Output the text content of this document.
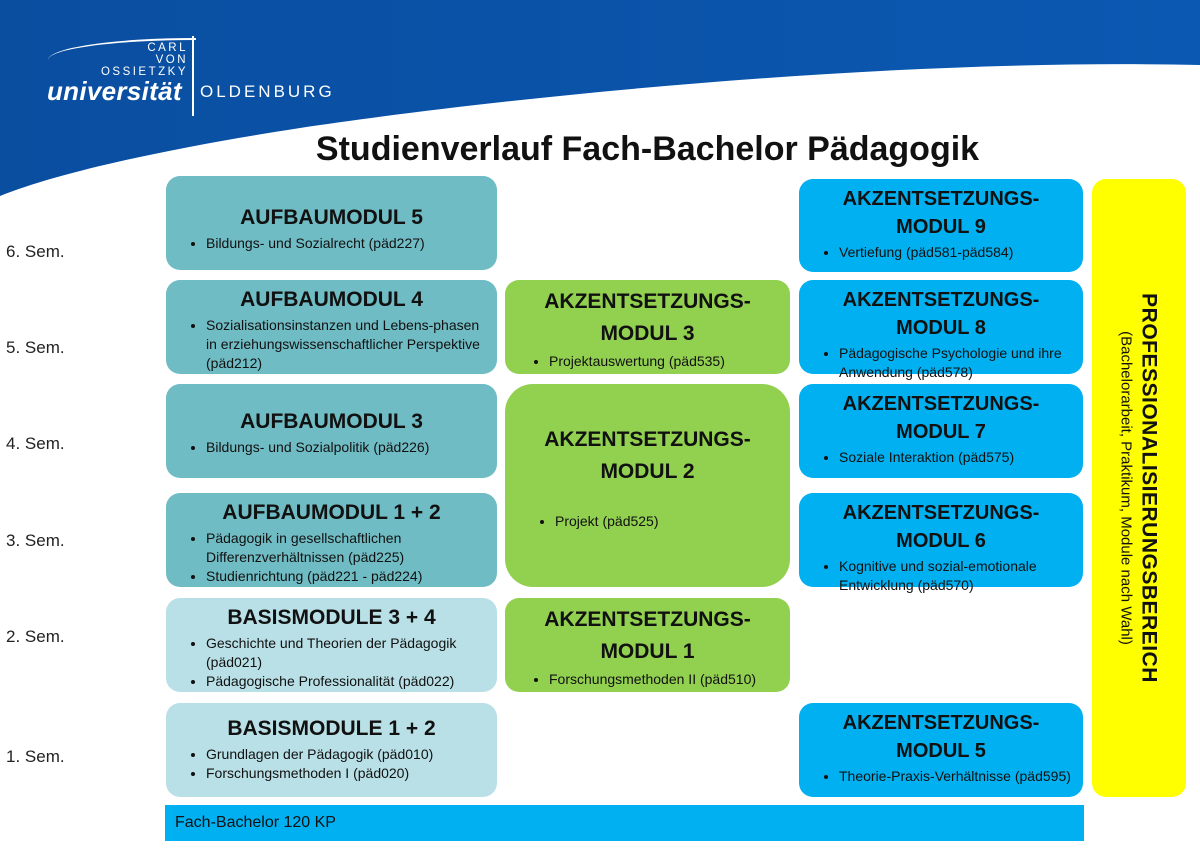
CARL
VON
OSSIETZKY
universität OLDENBURG
Studienverlauf Fach-Bachelor Pädagogik
6. Sem.
5. Sem.
4. Sem.
3. Sem.
2. Sem.
1. Sem.
AUFBAUMODUL 5
• Bildungs- und Sozialrecht (päd227)
AUFBAUMODUL 4
• Sozialisationsinstanzen und Lebens-phasen in erziehungswissenschaftlicher Perspektive (päd212)
AUFBAUMODUL 3
• Bildungs- und Sozialpolitik (päd226)
AUFBAUMODUL 1 + 2
• Pädagogik in gesellschaftlichen Differenzverhältnissen (päd225)
• Studienrichtung (päd221 - päd224)
BASISMODULE 3 + 4
• Geschichte und Theorien der Pädagogik (päd021)
• Pädagogische Professionalität (päd022)
BASISMODULE 1 + 2
• Grundlagen der Pädagogik (päd010)
• Forschungsmethoden I (päd020)
AKZENTSETZUNGS-
MODUL 3
• Projektauswertung (päd535)
AKZENTSETZUNGS-
MODUL 2
• Projekt (päd525)
AKZENTSETZUNGS-
MODUL 1
• Forschungsmethoden II (päd510)
AKZENTSETZUNGS-
MODUL 9
• Vertiefung (päd581-päd584)
AKZENTSETZUNGS-
MODUL 8
• Pädagogische Psychologie und ihre Anwendung (päd578)
AKZENTSETZUNGS-
MODUL 7
• Soziale Interaktion (päd575)
AKZENTSETZUNGS-
MODUL 6
• Kognitive und sozial-emotionale Entwicklung (päd570)
AKZENTSETZUNGS-
MODUL 5
• Theorie-Praxis-Verhältnisse (päd595)
PROFESSIONALISIERUNGSBEREICH
(Bachelorarbeit, Praktikum, Module nach Wahl)
Fach-Bachelor 120 KP
